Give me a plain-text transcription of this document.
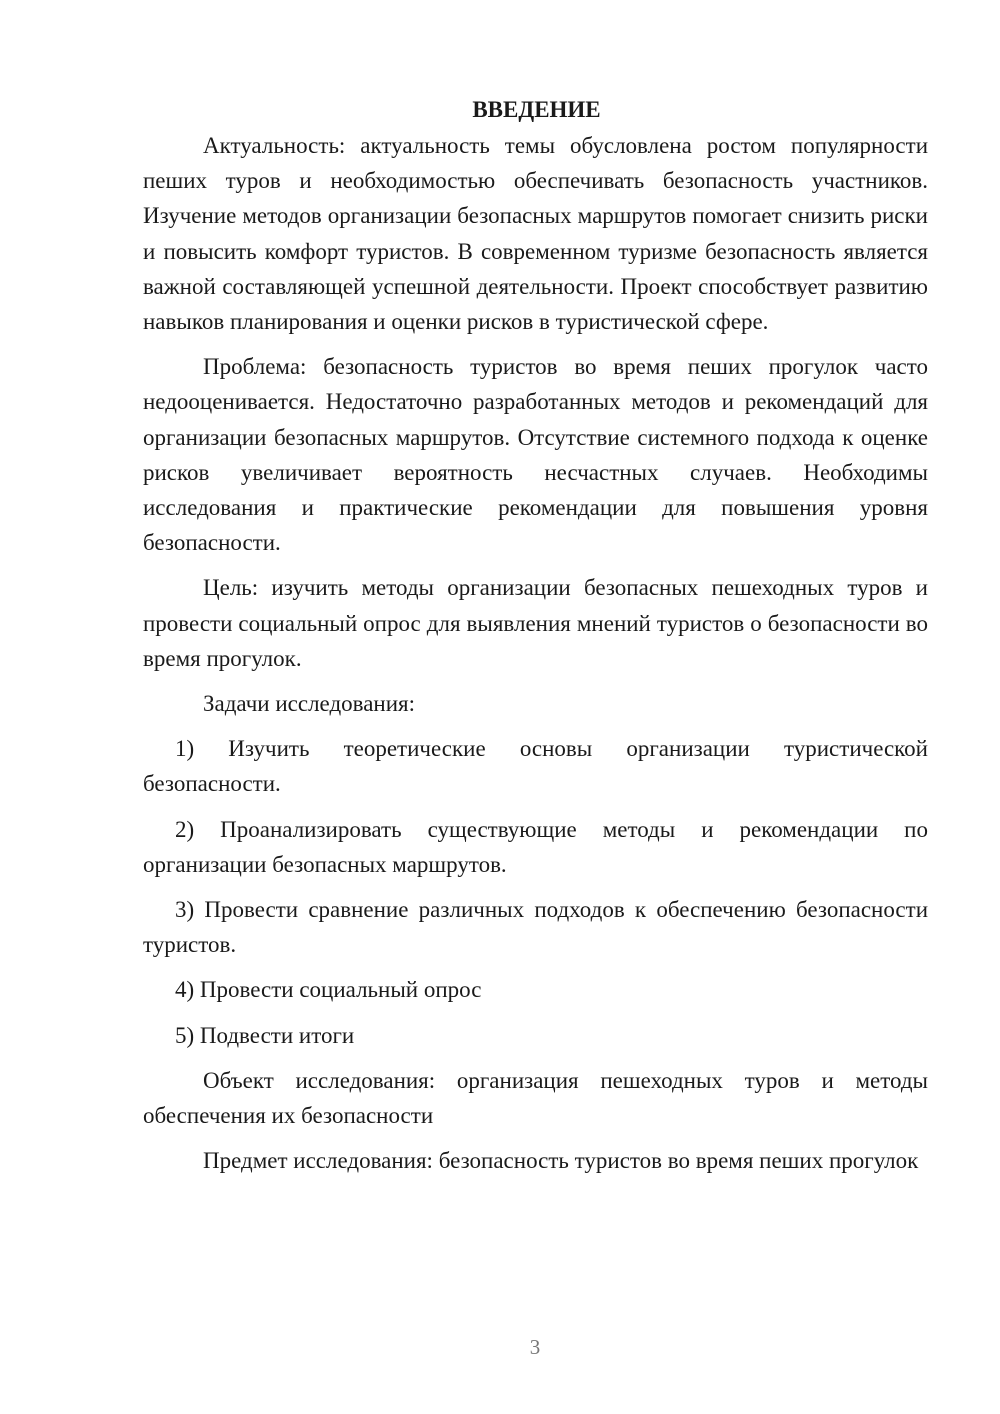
ВВЕДЕНИЕ

Актуальность: актуальность темы обусловлена ростом популярности пеших туров и необходимостью обеспечивать безопасность участников. Изучение методов организации безопасных маршрутов помогает снизить риски и повысить комфорт туристов. В современном туризме безопасность является важной составляющей успешной деятельности. Проект способствует развитию навыков планирования и оценки рисков в туристической сфере.

Проблема: безопасность туристов во время пеших прогулок часто недооценивается. Недостаточно разработанных методов и рекомендаций для организации безопасных маршрутов. Отсутствие системного подхода к оценке рисков увеличивает вероятность несчастных случаев. Необходимы исследования и практические рекомендации для повышения уровня безопасности.

Цель: изучить методы организации безопасных пешеходных туров и провести социальный опрос для выявления мнений туристов о безопасности во время прогулок.

Задачи исследования:

1) Изучить теоретические основы организации туристической безопасности.

2) Проанализировать существующие методы и рекомендации по организации безопасных маршрутов.

3) Провести сравнение различных подходов к обеспечению безопасности туристов.

4) Провести социальный опрос

5) Подвести итоги

Объект исследования: организация пешеходных туров и методы обеспечения их безопасности

Предмет исследования: безопасность туристов во время пеших прогулок

3
